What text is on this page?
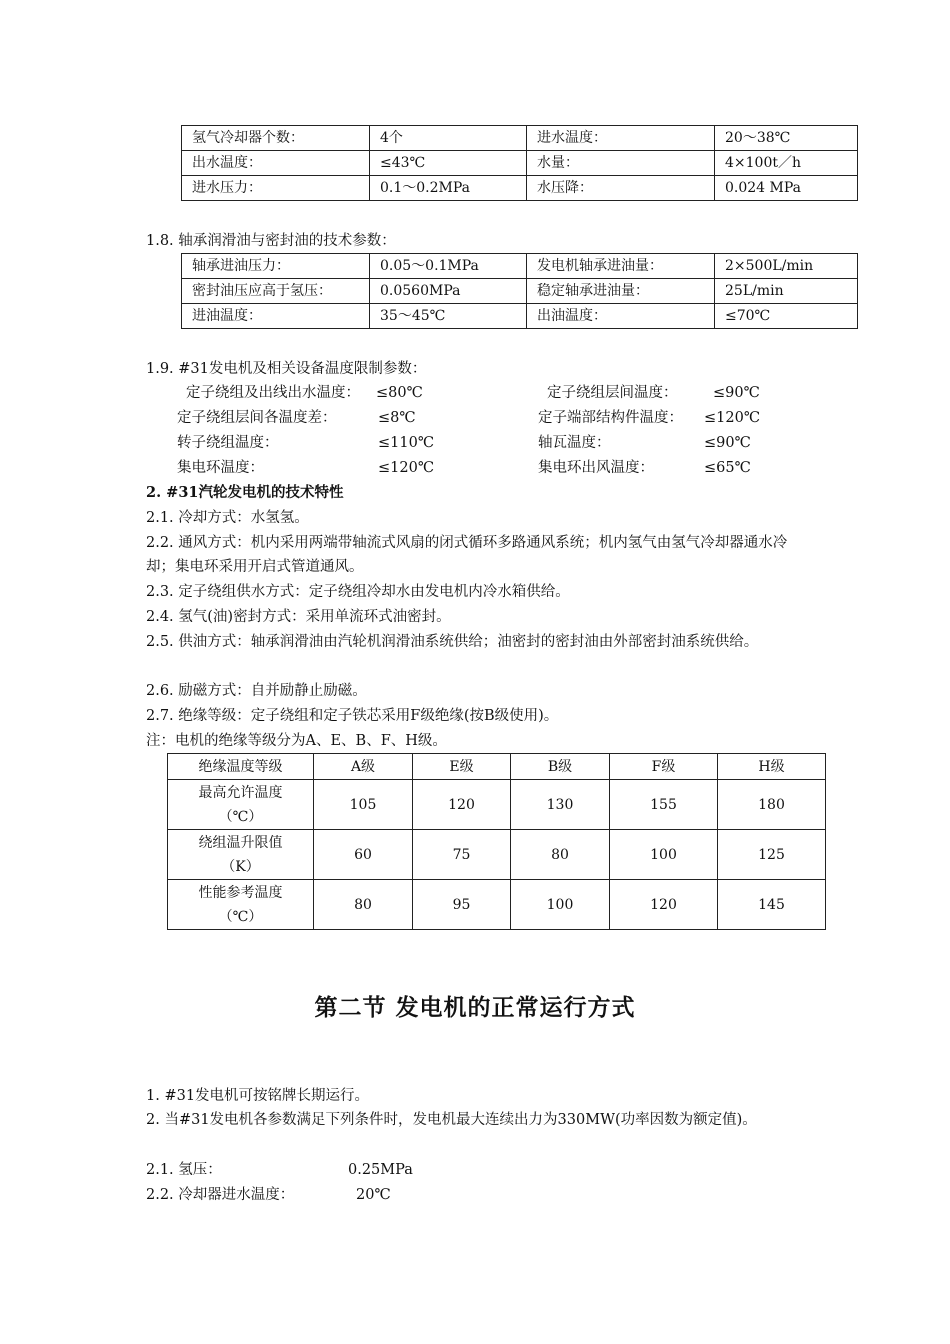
氢气冷却器个数：	4个	进水温度：	20～38℃
出水温度：	≤43℃	水量：	4×100t／h
进水压力：	0.1～0.2MPa	水压降：	0.024 MPa
1.8. 轴承润滑油与密封油的技术参数：
轴承进油压力：	0.05～0.1MPa	发电机轴承进油量：	2×500L/min
密封油压应高于氢压：	0.0560MPa	稳定轴承进油量：	25L/min
进油温度：	35～45℃	出油温度：	≤70℃
1.9. #31发电机及相关设备温度限制参数：
定子绕组及出线出水温度： ≤80℃	定子绕组层间温度： ≤90℃
定子绕组层间各温度差：	≤8℃	定子端部结构件温度： ≤120℃
转子绕组温度：	≤110℃	轴瓦温度：	≤90℃
集电环温度：	≤120℃	集电环出风温度：	≤65℃
2. #31汽轮发电机的技术特性
2.1. 冷却方式：水氢氢。
2.2. 通风方式：机内采用两端带轴流式风扇的闭式循环多路通风系统；机内氢气由氢气冷却器通水冷却；集电环采用开启式管道通风。
2.3. 定子绕组供水方式：定子绕组冷却水由发电机内冷水箱供给。
2.4. 氢气(油)密封方式：采用单流环式油密封。
2.5. 供油方式：轴承润滑油由汽轮机润滑油系统供给；油密封的密封油由外部密封油系统供给。
2.6. 励磁方式：自并励静止励磁。
2.7. 绝缘等级：定子绕组和定子铁芯采用F级绝缘(按B级使用)。
注：电机的绝缘等级分为A、E、B、F、H级。
绝缘温度等级	A级	E级	B级	F级	H级

最高允许温度
（℃）	105	120	130	155	180

绕组温升限值
（K）	60	75	80	100	125

性能参考温度
（℃）	80	95	100	120	145
第二节 发电机的正常运行方式
1. #31发电机可按铭牌长期运行。
2. 当#31发电机各参数满足下列条件时，发电机最大连续出力为330MW(功率因数为额定值)。
2.1. 氢压：	0.25MPa
2.2. 冷却器进水温度：	20℃
